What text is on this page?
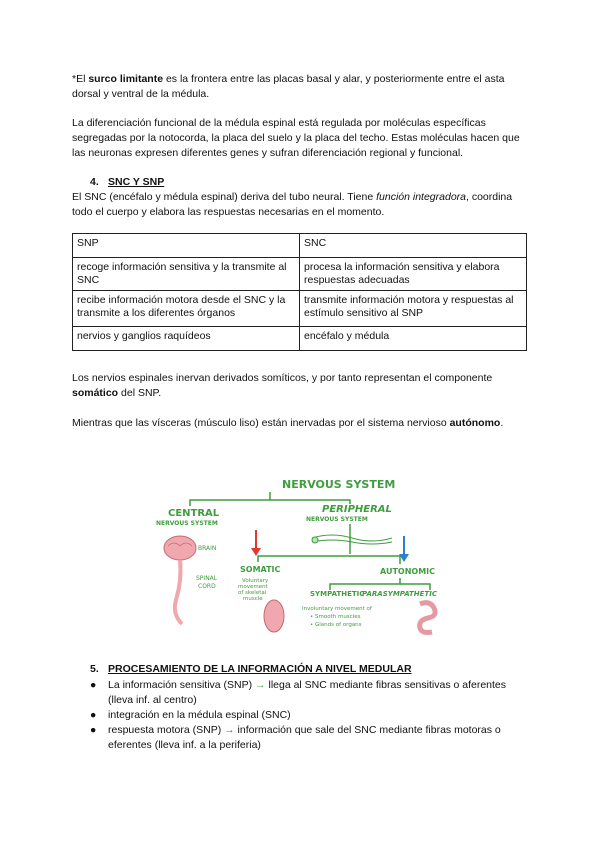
*El surco limitante es la frontera entre las placas basal y alar, y posteriormente entre el asta dorsal y ventral de la médula.
La diferenciación funcional de la médula espinal está regulada por moléculas específicas segregadas por la notocorda, la placa del suelo y la placa del techo. Estas moléculas hacen que las neuronas expresen diferentes genes y sufran diferenciación regional y funcional.
4. SNC Y SNP
El SNC (encéfalo y médula espinal) deriva del tubo neural. Tiene función integradora, coordina todo el cuerpo y elabora las respuestas necesarias en el momento.
SNP	SNC
recoge información sensitiva y la transmite al SNC	procesa la información sensitiva y elabora respuestas adecuadas
recibe información motora desde el SNC y la transmite a los diferentes órganos	transmite información motora y respuestas al estímulo sensitivo al SNP
nervios y ganglios raquídeos	encéfalo y médula
Los nervios espinales inervan derivados somíticos, y por tanto representan el componente somático del SNP.
Mientras que las vísceras (músculo liso) están inervadas por el sistema nervioso autónomo.
NERVOUS SYSTEM
CENTRAL
NERVOUS SYSTEM
PERIPHERAL
NERVOUS SYSTEM
BRAIN
SPINAL
CORD
SOMATIC
Voluntary
movement
of skeletal
muscle
AUTONOMIC
SYMPATHETIC
PARASYMPATHETIC
Involuntary movement of
• Smooth muscles
• Glands of organs
5. PROCESAMIENTO DE LA INFORMACIÓN A NIVEL MEDULAR
● La información sensitiva (SNP) → llega al SNC mediante fibras sensitivas o aferentes (lleva inf. al centro)
● integración en la médula espinal (SNC)
● respuesta motora (SNP) → información que sale del SNC mediante fibras motoras o eferentes (lleva inf. a la periferia)
